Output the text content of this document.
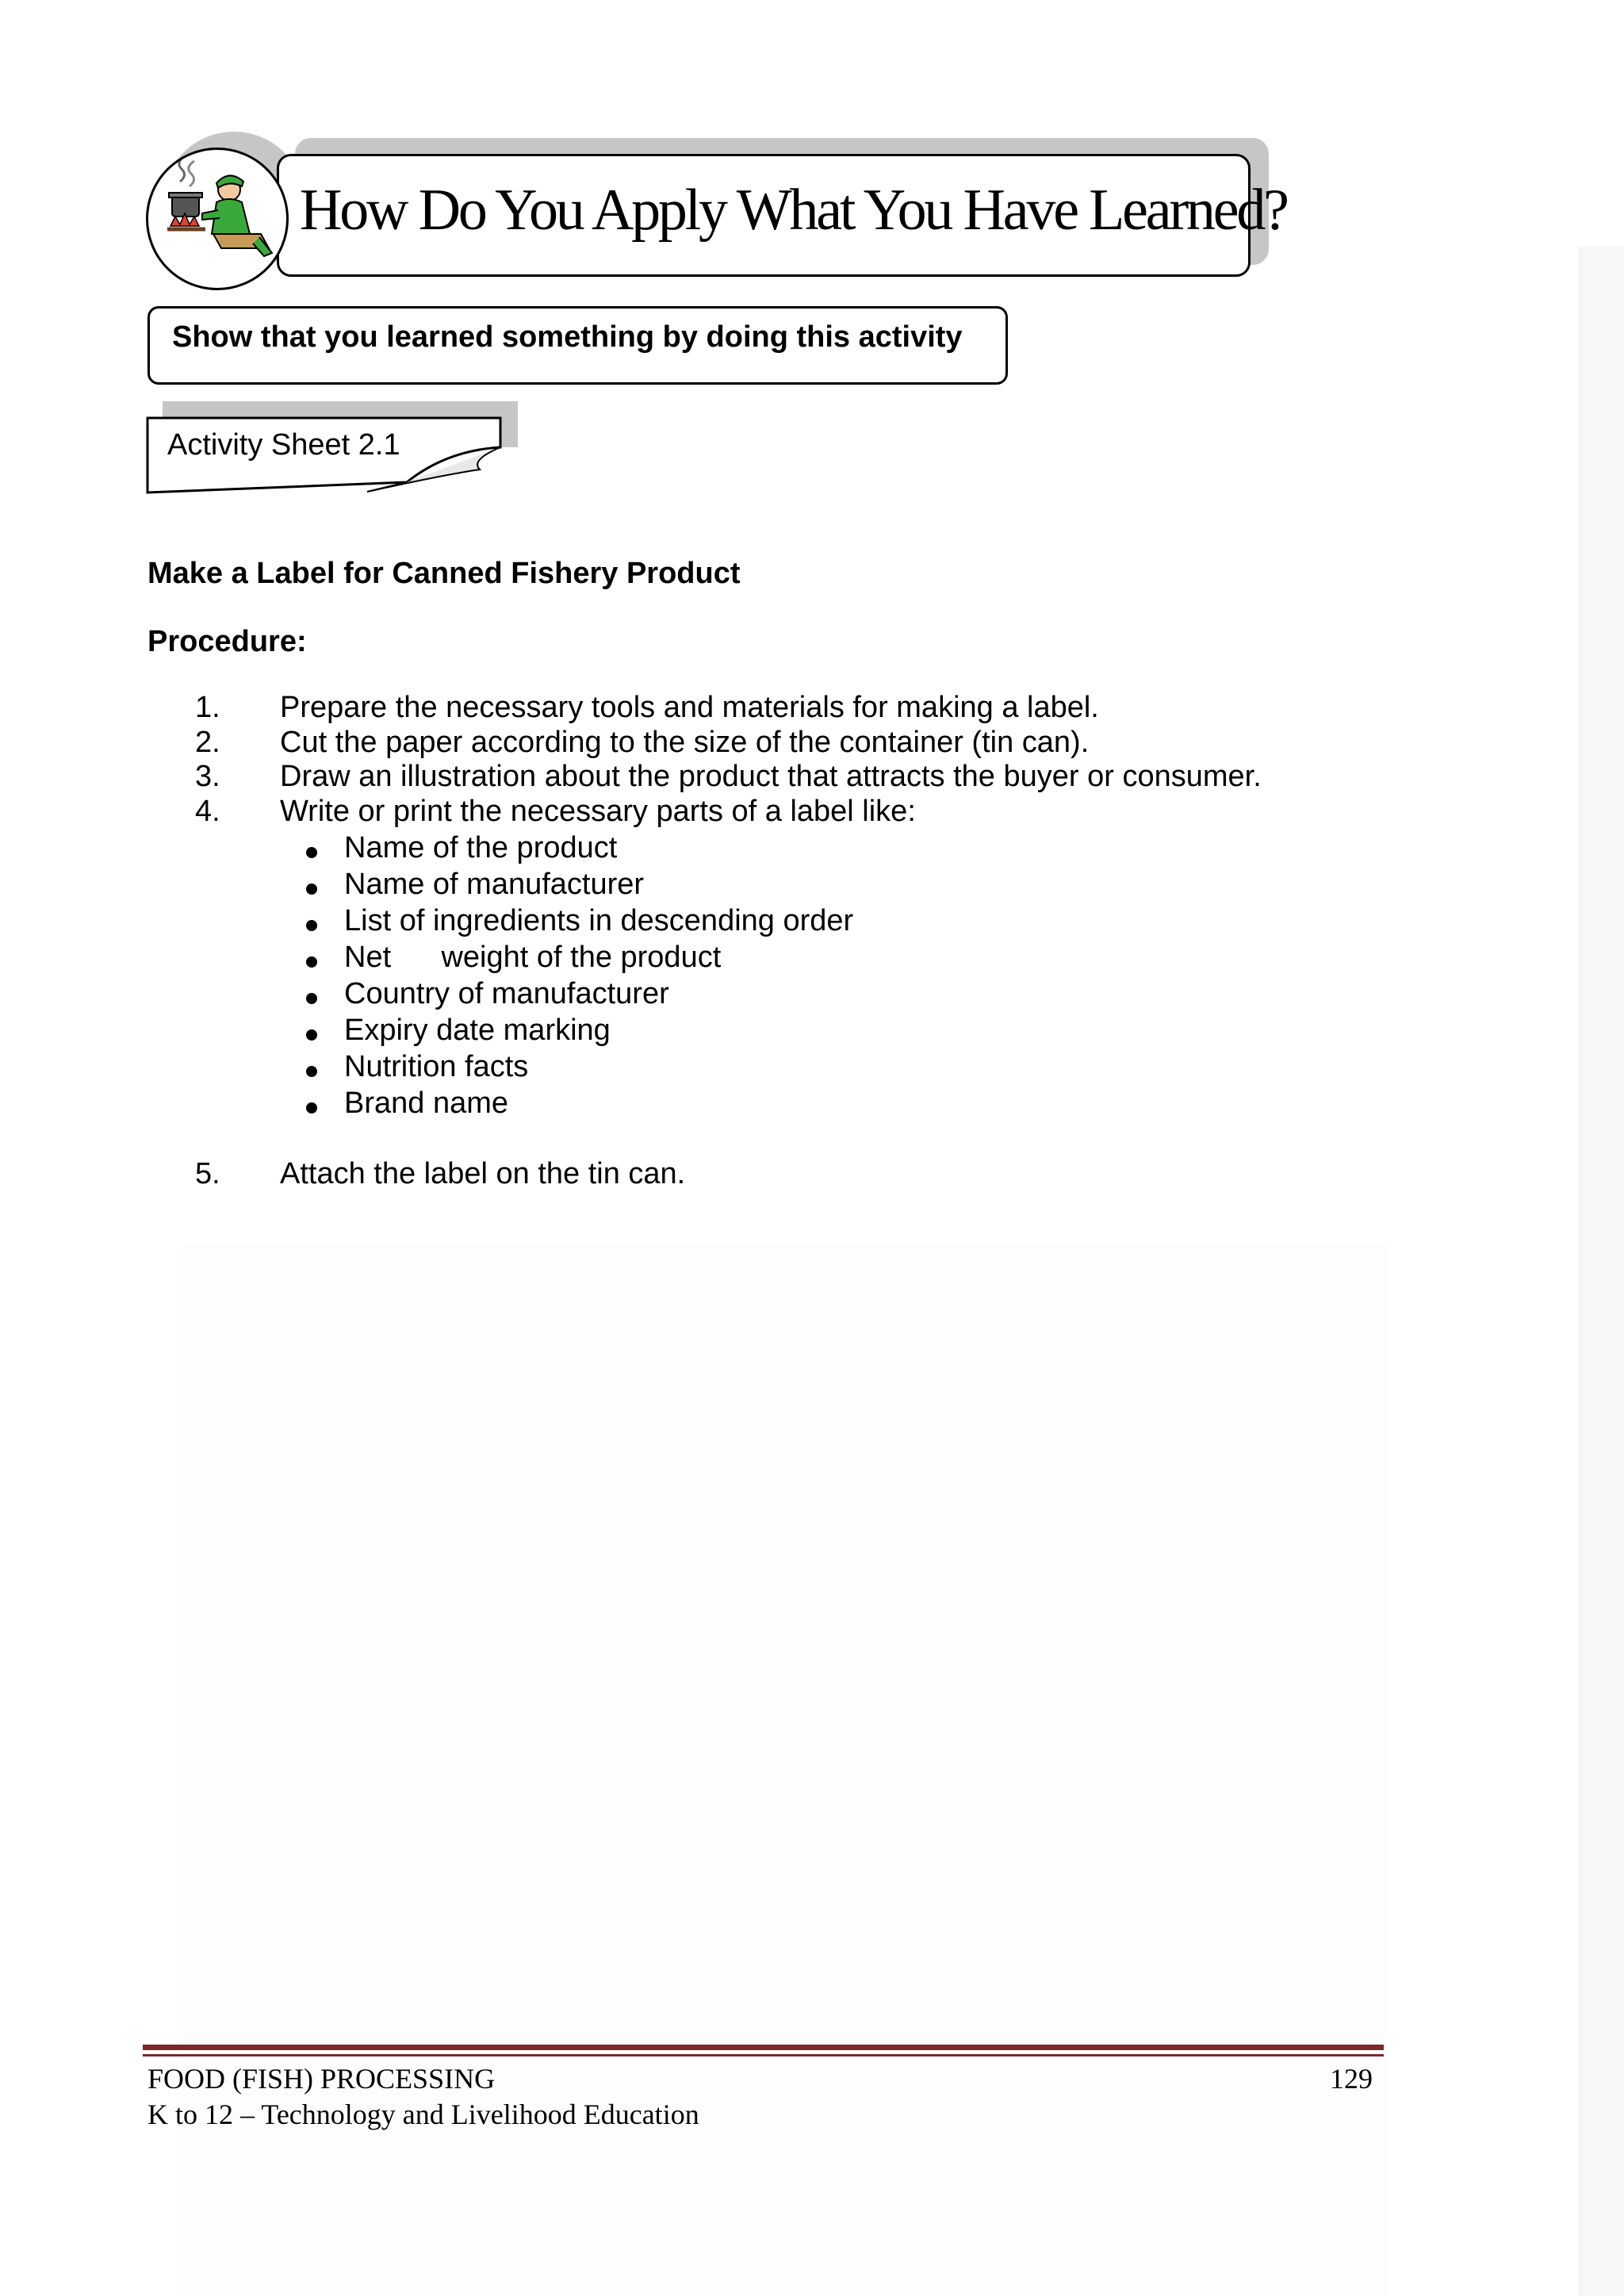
How Do You Apply What You Have Learned?
Show that you learned something by doing this activity
Activity Sheet 2.1
Make a Label for Canned Fishery Product
Procedure:
1. Prepare the necessary tools and materials for making a label.
2. Cut the paper according to the size of the container (tin can).
3. Draw an illustration about the product that attracts the buyer or consumer.
4. Write or print the necessary parts of a label like:
Name of the product
Name of manufacturer
List of ingredients in descending order
Net      weight of the product
Country of manufacturer
Expiry date marking
Nutrition facts
Brand name
5. Attach the label on the tin can.
FOOD (FISH) PROCESSING	129
K to 12 – Technology and Livelihood Education
